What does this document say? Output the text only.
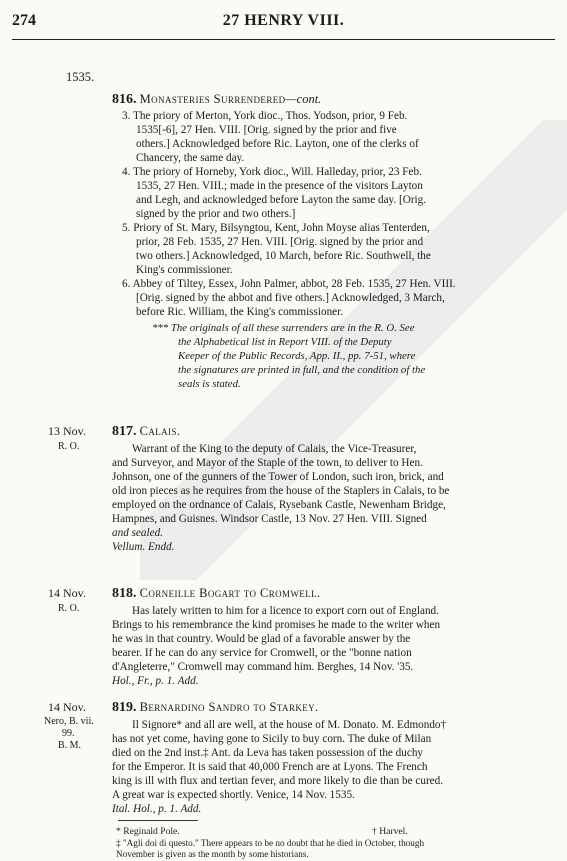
274	27 HENRY VIII.
1535.
816. Monasteries Surrendered—cont.
3. The priory of Merton, York dioc., Thos. Yodson, prior, 9 Feb.
1535[-6], 27 Hen. VIII. [Orig. signed by the prior and five
others.] Acknowledged before Ric. Layton, one of the clerks of
Chancery, the same day.
4. The priory of Horneby, York dioc., Will. Halleday, prior, 23 Feb.
1535, 27 Hen. VIII.; made in the presence of the visitors Layton
and Legh, and acknowledged before Layton the same day. [Orig.
signed by the prior and two others.]
5. Priory of St. Mary, Bilsyngtou, Kent, John Moyse alias Tenterden,
prior, 28 Feb. 1535, 27 Hen. VIII. [Orig. signed by the prior and
two others.] Acknowledged, 10 March, before Ric. Southwell, the
King's commissioner.
6. Abbey of Tiltey, Essex, John Palmer, abbot, 28 Feb. 1535, 27 Hen. VIII.
[Orig. signed by the abbot and five others.] Acknowledged, 3 March,
before Ric. William, the King's commissioner.
*** The originals of all these surrenders are in the R. O. See
the Alphabetical list in Report VIII. of the Deputy
Keeper of the Public Records, App. II., pp. 7-51, where
the signatures are printed in full, and the condition of the
seals is stated.
13 Nov.
R. O.
817. Calais.
Warrant of the King to the deputy of Calais, the Vice-Treasurer,
and Surveyor, and Mayor of the Staple of the town, to deliver to Hen.
Johnson, one of the gunners of the Tower of London, such iron, brick, and
old iron pieces as he requires from the house of the Staplers in Calais, to be
employed on the ordnance of Calais, Rysebank Castle, Newenham Bridge,
Hampnes, and Guisnes. Windsor Castle, 13 Nov. 27 Hen. VIII. Signed
and sealed.
Vellum. Endd.
14 Nov.
R. O.
818. Corneille Bogart to Cromwell.
Has lately written to him for a licence to export corn out of England.
Brings to his remembrance the kind promises he made to the writer when
he was in that country. Would be glad of a favorable answer by the
bearer. If he can do any service for Cromwell, or the "bonne nation
d'Angleterre," Cromwell may command him. Berghes, 14 Nov. '35.
Hol., Fr., p. 1. Add.
14 Nov.
Nero, B. vii.
99.
B. M.
819. Bernardino Sandro to Starkey.
Il Signore* and all are well, at the house of M. Donato. M. Edmondo†
has not yet come, having gone to Sicily to buy corn. The duke of Milan
died on the 2nd inst.‡ Ant. da Leva has taken possession of the duchy
for the Emperor. It is said that 40,000 French are at Lyons. The French
king is ill with flux and tertian fever, and more likely to die than be cured.
A great war is expected shortly. Venice, 14 Nov. 1535.
Ital. Hol., p. 1. Add.
* Reginald Pole.	† Harvel.
‡ "Agli doi di questo." There appears to be no doubt that he died in October, though
November is given as the month by some historians.
